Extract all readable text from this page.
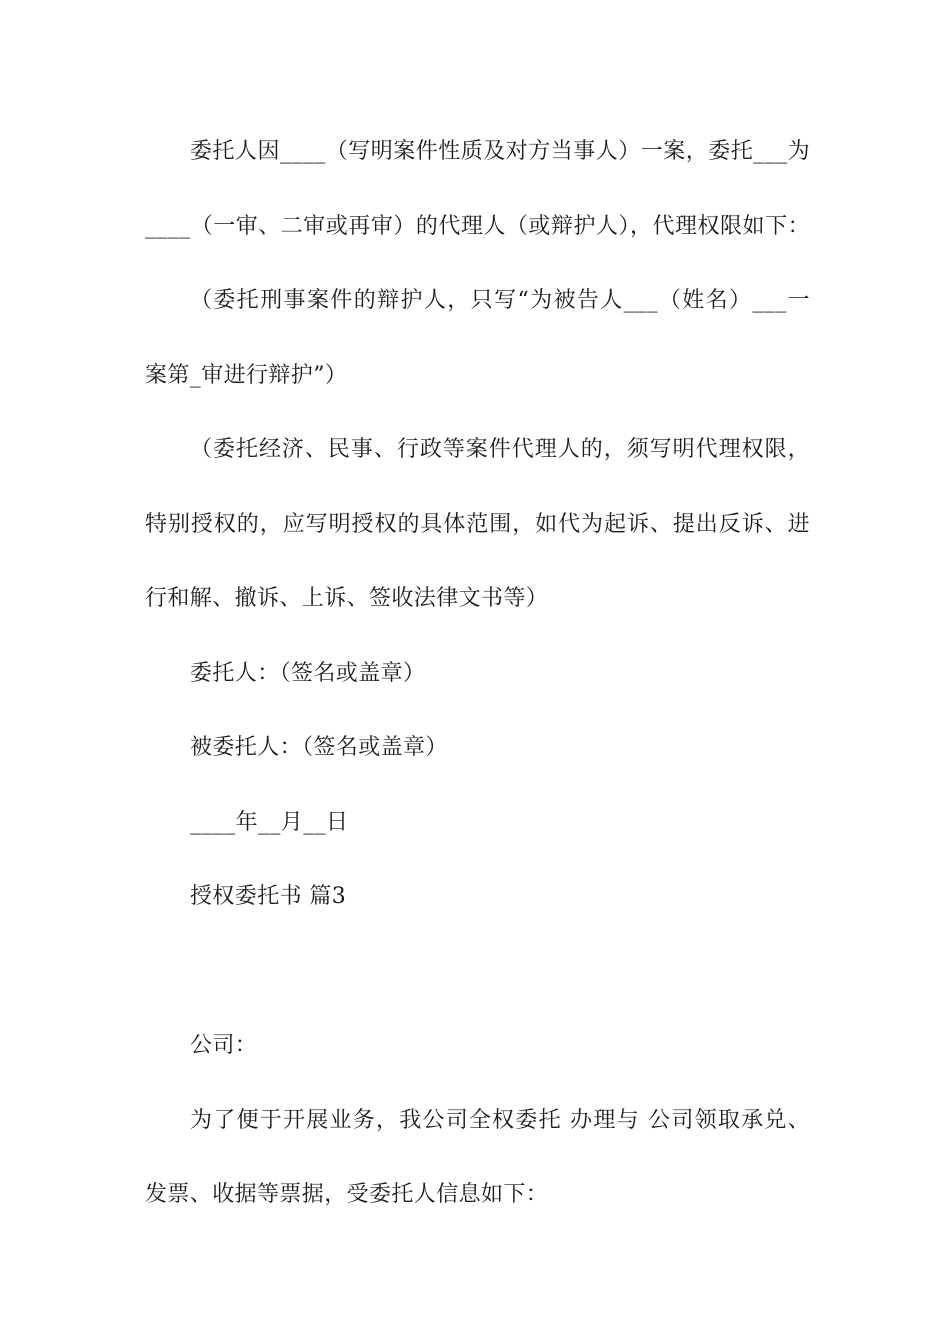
委托人因____（写明案件性质及对方当事人）一案，委托___为
____（一审、二审或再审）的代理人（或辩护人），代理权限如下：
（委托刑事案件的辩护人，只写“为被告人___（姓名）___一
案第_审进行辩护”）
（委托经济、民事、行政等案件代理人的，须写明代理权限，
特别授权的，应写明授权的具体范围，如代为起诉、提出反诉、进
行和解、撤诉、上诉、签收法律文书等）
委托人：（签名或盖章）
被委托人：（签名或盖章）
____年__月__日
授权委托书 篇3
公司：
为了便于开展业务，我公司全权委托 办理与 公司领取承兑、
发票、收据等票据，受委托人信息如下：
